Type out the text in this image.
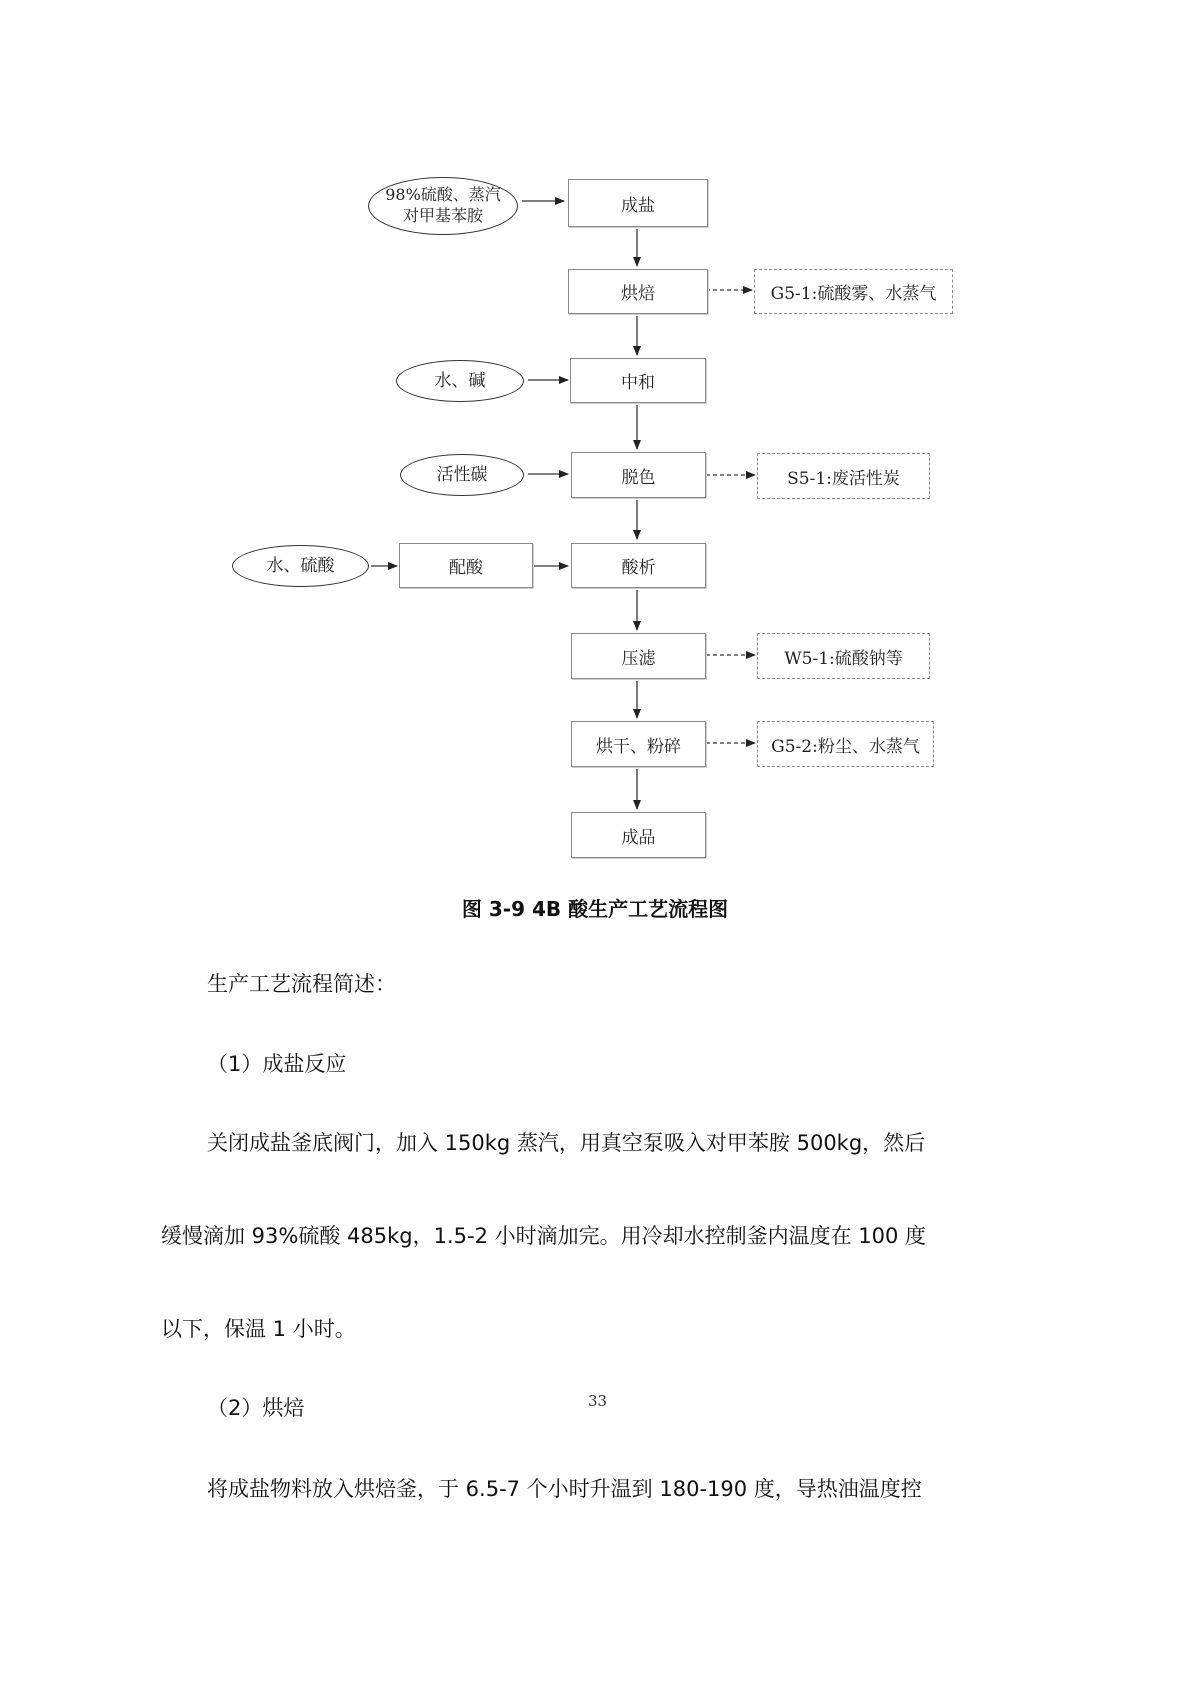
98%硫酸、蒸汽
对甲基苯胺
水、碱
活性碳
水、硫酸
成盐
烘焙
中和
脱色
配酸	酸析
压滤
烘干、粉碎
成品
G5-1:硫酸雾、水蒸气
S5-1:废活性炭
W5-1:硫酸钠等
G5-2:粉尘、水蒸气
图 3-9 4B 酸生产工艺流程图
生产工艺流程简述：
（1）成盐反应
关闭成盐釜底阀门，加入 150kg 蒸汽，用真空泵吸入对甲苯胺 500kg，然后
缓慢滴加 93%硫酸 485kg，1.5-2 小时滴加完。用冷却水控制釜内温度在 100 度
以下，保温 1 小时。
（2）烘焙	33
将成盐物料放入烘焙釜，于 6.5-7 个小时升温到 180-190 度，导热油温度控
